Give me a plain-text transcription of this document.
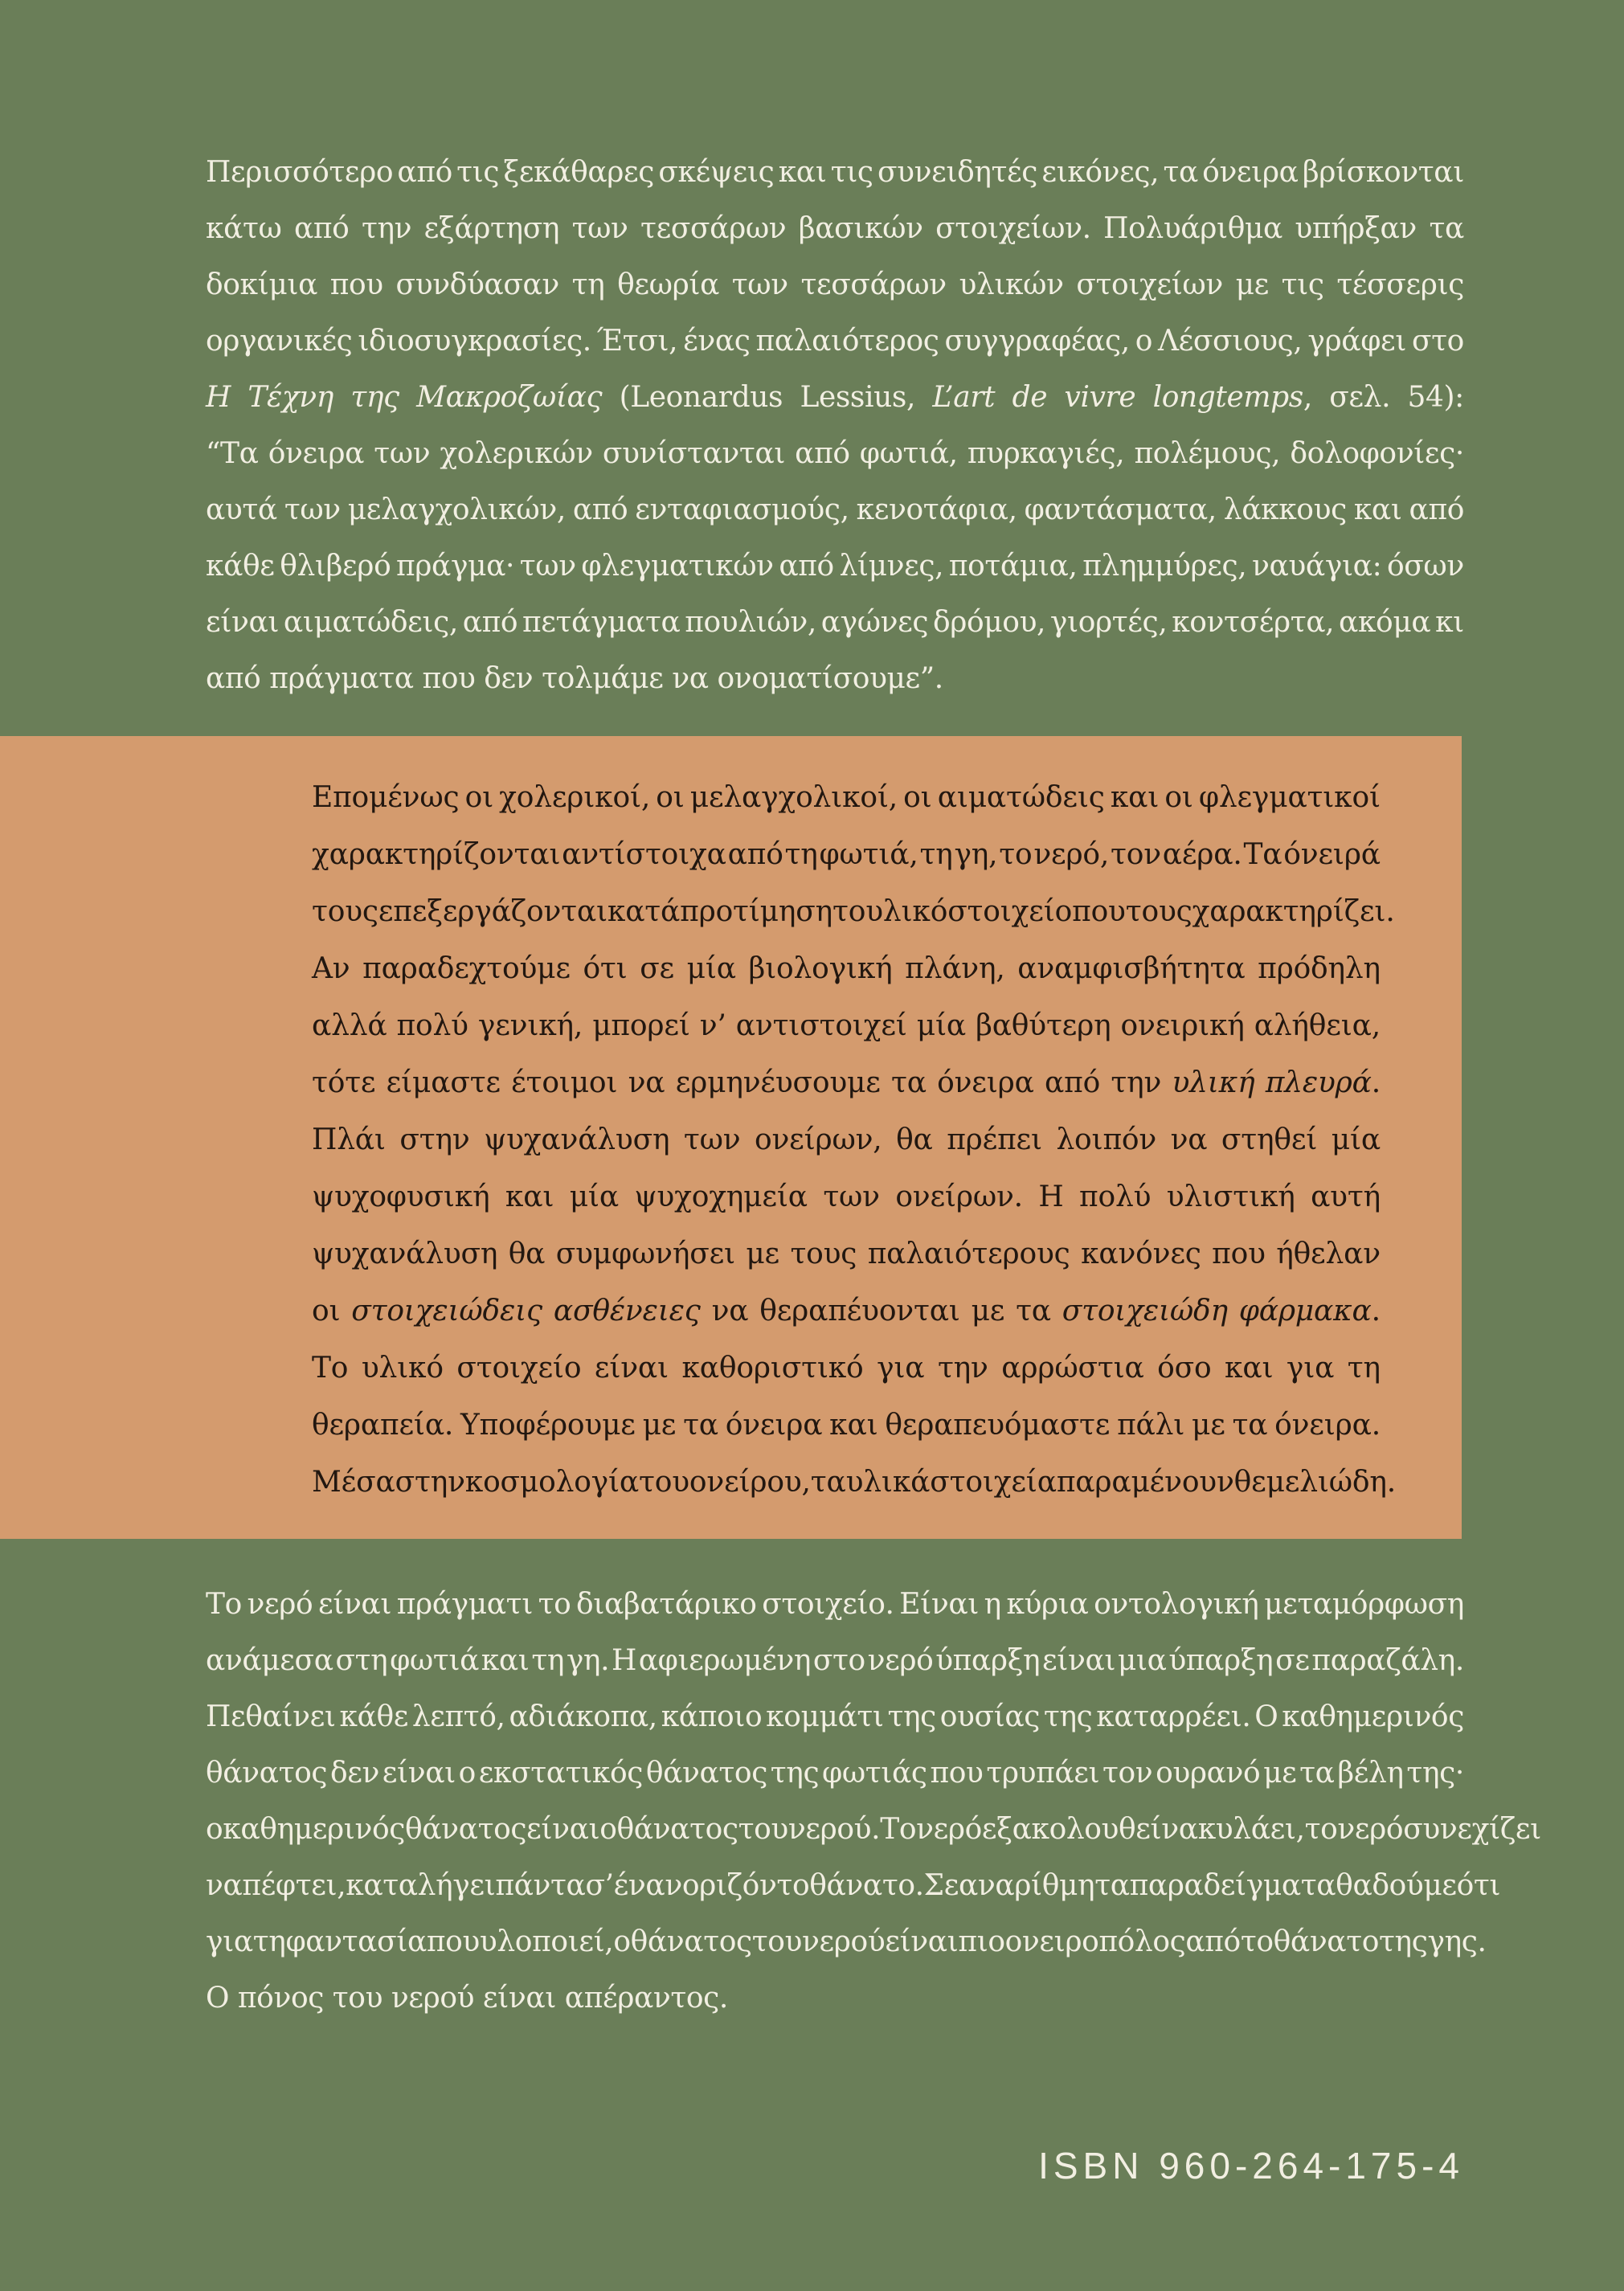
Περισσότερο από τις ξεκάθαρες σκέψεις και τις συνειδητές εικόνες, τα όνειρα βρίσκονται
κάτω από την εξάρτηση των τεσσάρων βασικών στοιχείων. Πολυάριθμα υπήρξαν τα
δοκίμια που συνδύασαν τη θεωρία των τεσσάρων υλικών στοιχείων με τις τέσσερις
οργανικές ιδιοσυγκρασίες. Έτσι, ένας παλαιότερος συγγραφέας, ο Λέσσιους, γράφει στο
Η Τέχνη της Μακροζωίας (Leonardus Lessius, L’art de vivre longtemps, σελ. 54):
“Τα όνειρα των χολερικών συνίστανται από φωτιά, πυρκαγιές, πολέμους, δολοφονίες·
αυτά των μελαγχολικών, από ενταφιασμούς, κενοτάφια, φαντάσματα, λάκκους και από
κάθε θλιβερό πράγμα· των φλεγματικών από λίμνες, ποτάμια, πλημμύρες, ναυάγια: όσων
είναι αιματώδεις, από πετάγματα πουλιών, αγώνες δρόμου, γιορτές, κοντσέρτα, ακόμα κι
από πράγματα που δεν τολμάμε να ονοματίσουμε”.
Επομένως οι χολερικοί, οι μελαγχολικοί, οι αιματώδεις και οι φλεγματικοί
χαρακτηρίζονται αντίστοιχα από τη φωτιά, τη γη, το νερό, τον αέρα. Τα όνειρά
τους επεξεργάζονται κατά προτίμηση το υλικό στοιχείο που τους χαρακτηρίζει.
Αν παραδεχτούμε ότι σε μία βιολογική πλάνη, αναμφισβήτητα πρόδηλη
αλλά πολύ γενική, μπορεί ν’ αντιστοιχεί μία βαθύτερη ονειρική αλήθεια,
τότε είμαστε έτοιμοι να ερμηνέυσουμε τα όνειρα από την υλική πλευρά.
Πλάι στην ψυχανάλυση των ονείρων, θα πρέπει λοιπόν να στηθεί μία
ψυχοφυσική και μία ψυχοχημεία των ονείρων. Η πολύ υλιστική αυτή
ψυχανάλυση θα συμφωνήσει με τους παλαιότερους κανόνες που ήθελαν
οι στοιχειώδεις ασθένειες να θεραπέυονται με τα στοιχειώδη φάρμακα.
Το υλικό στοιχείο είναι καθοριστικό για την αρρώστια όσο και για τη
θεραπεία. Υποφέρουμε με τα όνειρα και θεραπευόμαστε πάλι με τα όνειρα.
Μέσα στην κοσμολογία του ονείρου, τα υλικά στοιχεία παραμένουν θεμελιώδη.
Το νερό είναι πράγματι το διαβατάρικο στοιχείο. Είναι η κύρια οντολογική μεταμόρφωση
ανάμεσα στη φωτιά και τη γη. Η αφιερωμένη στο νερό ύπαρξη είναι μια ύπαρξη σε παραζάλη.
Πεθαίνει κάθε λεπτό, αδιάκοπα, κάποιο κομμάτι της ουσίας της καταρρέει. Ο καθημερινός
θάνατος δεν είναι ο εκστατικός θάνατος της φωτιάς που τρυπάει τον ουρανό με τα βέλη της·
ο καθημερινός θάνατος είναι ο θάνατος του νερού. Το νερό εξακολουθεί να κυλάει, το νερό συνεχίζει
να πέφτει, καταλήγει πάντα σ’ έναν οριζόντο θάνατο. Σε αναρίθμητα παραδείγματα θα δούμε ότι
για τη φαντασία που υλοποιεί, ο θάνατος του νερού είναι πιο ονειροπόλος από το θάνατο της γης.
Ο πόνος του νερού είναι απέραντος.
ISBN 960-264-175-4
